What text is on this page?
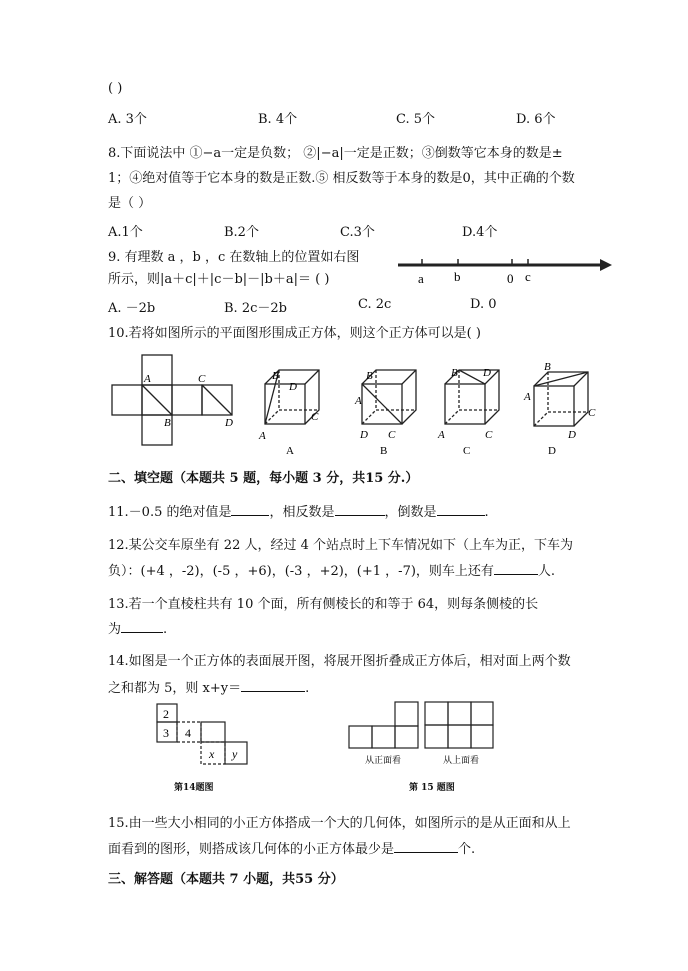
( )
A. 3个	B. 4个	C. 5个	D. 6个
8.下面说法中 ①−a一定是负数； ②|−a|一定是正数；③倒数等它本身的数是±
1；④绝对值等于它本身的数是正数.⑤ 相反数等于本身的数是0，其中正确的个数
是（ ）
A.1个	B.2个	C.3个	D.4个
9. 有理数 a ，b ，c 在数轴上的位置如右图
所示，则|a＋c|＋|c－b|－|b＋a|＝ ( )
A. －2b	B. 2c－2b	C. 2c	D. 0
a b	0 c
10.若将如图所示的平面图形围成正方体，则这个正方体可以是( )
A	C
B	D
B
D
C
A
A
B
A
D C
B
B D
A	C
C
B
A
C
D
D
二、填空题（本题共 5 题，每小题 3 分，共15 分.）
11.－0.5 的绝对值是	，相反数是	，倒数是	.
12.某公交车原坐有 22 人，经过 4 个站点时上下车情况如下（上车为正，下车为
负）：(+4 ，-2)，(-5 ，+6)，(-3 ，+2)，(+1 ，-7)，则车上还有	人.
13.若一个直棱柱共有 10 个面，所有侧棱长的和等于 64，则每条侧棱的长
为	.
14.如图是一个正方体的表面展开图，将展开图折叠成正方体后，相对面上两个数
之和都为 5，则 x+y＝	.
2
3 4
x y
第14题图
从正面看	从上面看
第 15 题图
15.由一些大小相同的小正方体搭成一个大的几何体，如图所示的是从正面和从上
面看到的图形，则搭成该几何体的小正方体最少是	个.
三、解答题（本题共 7 小题，共55 分）
